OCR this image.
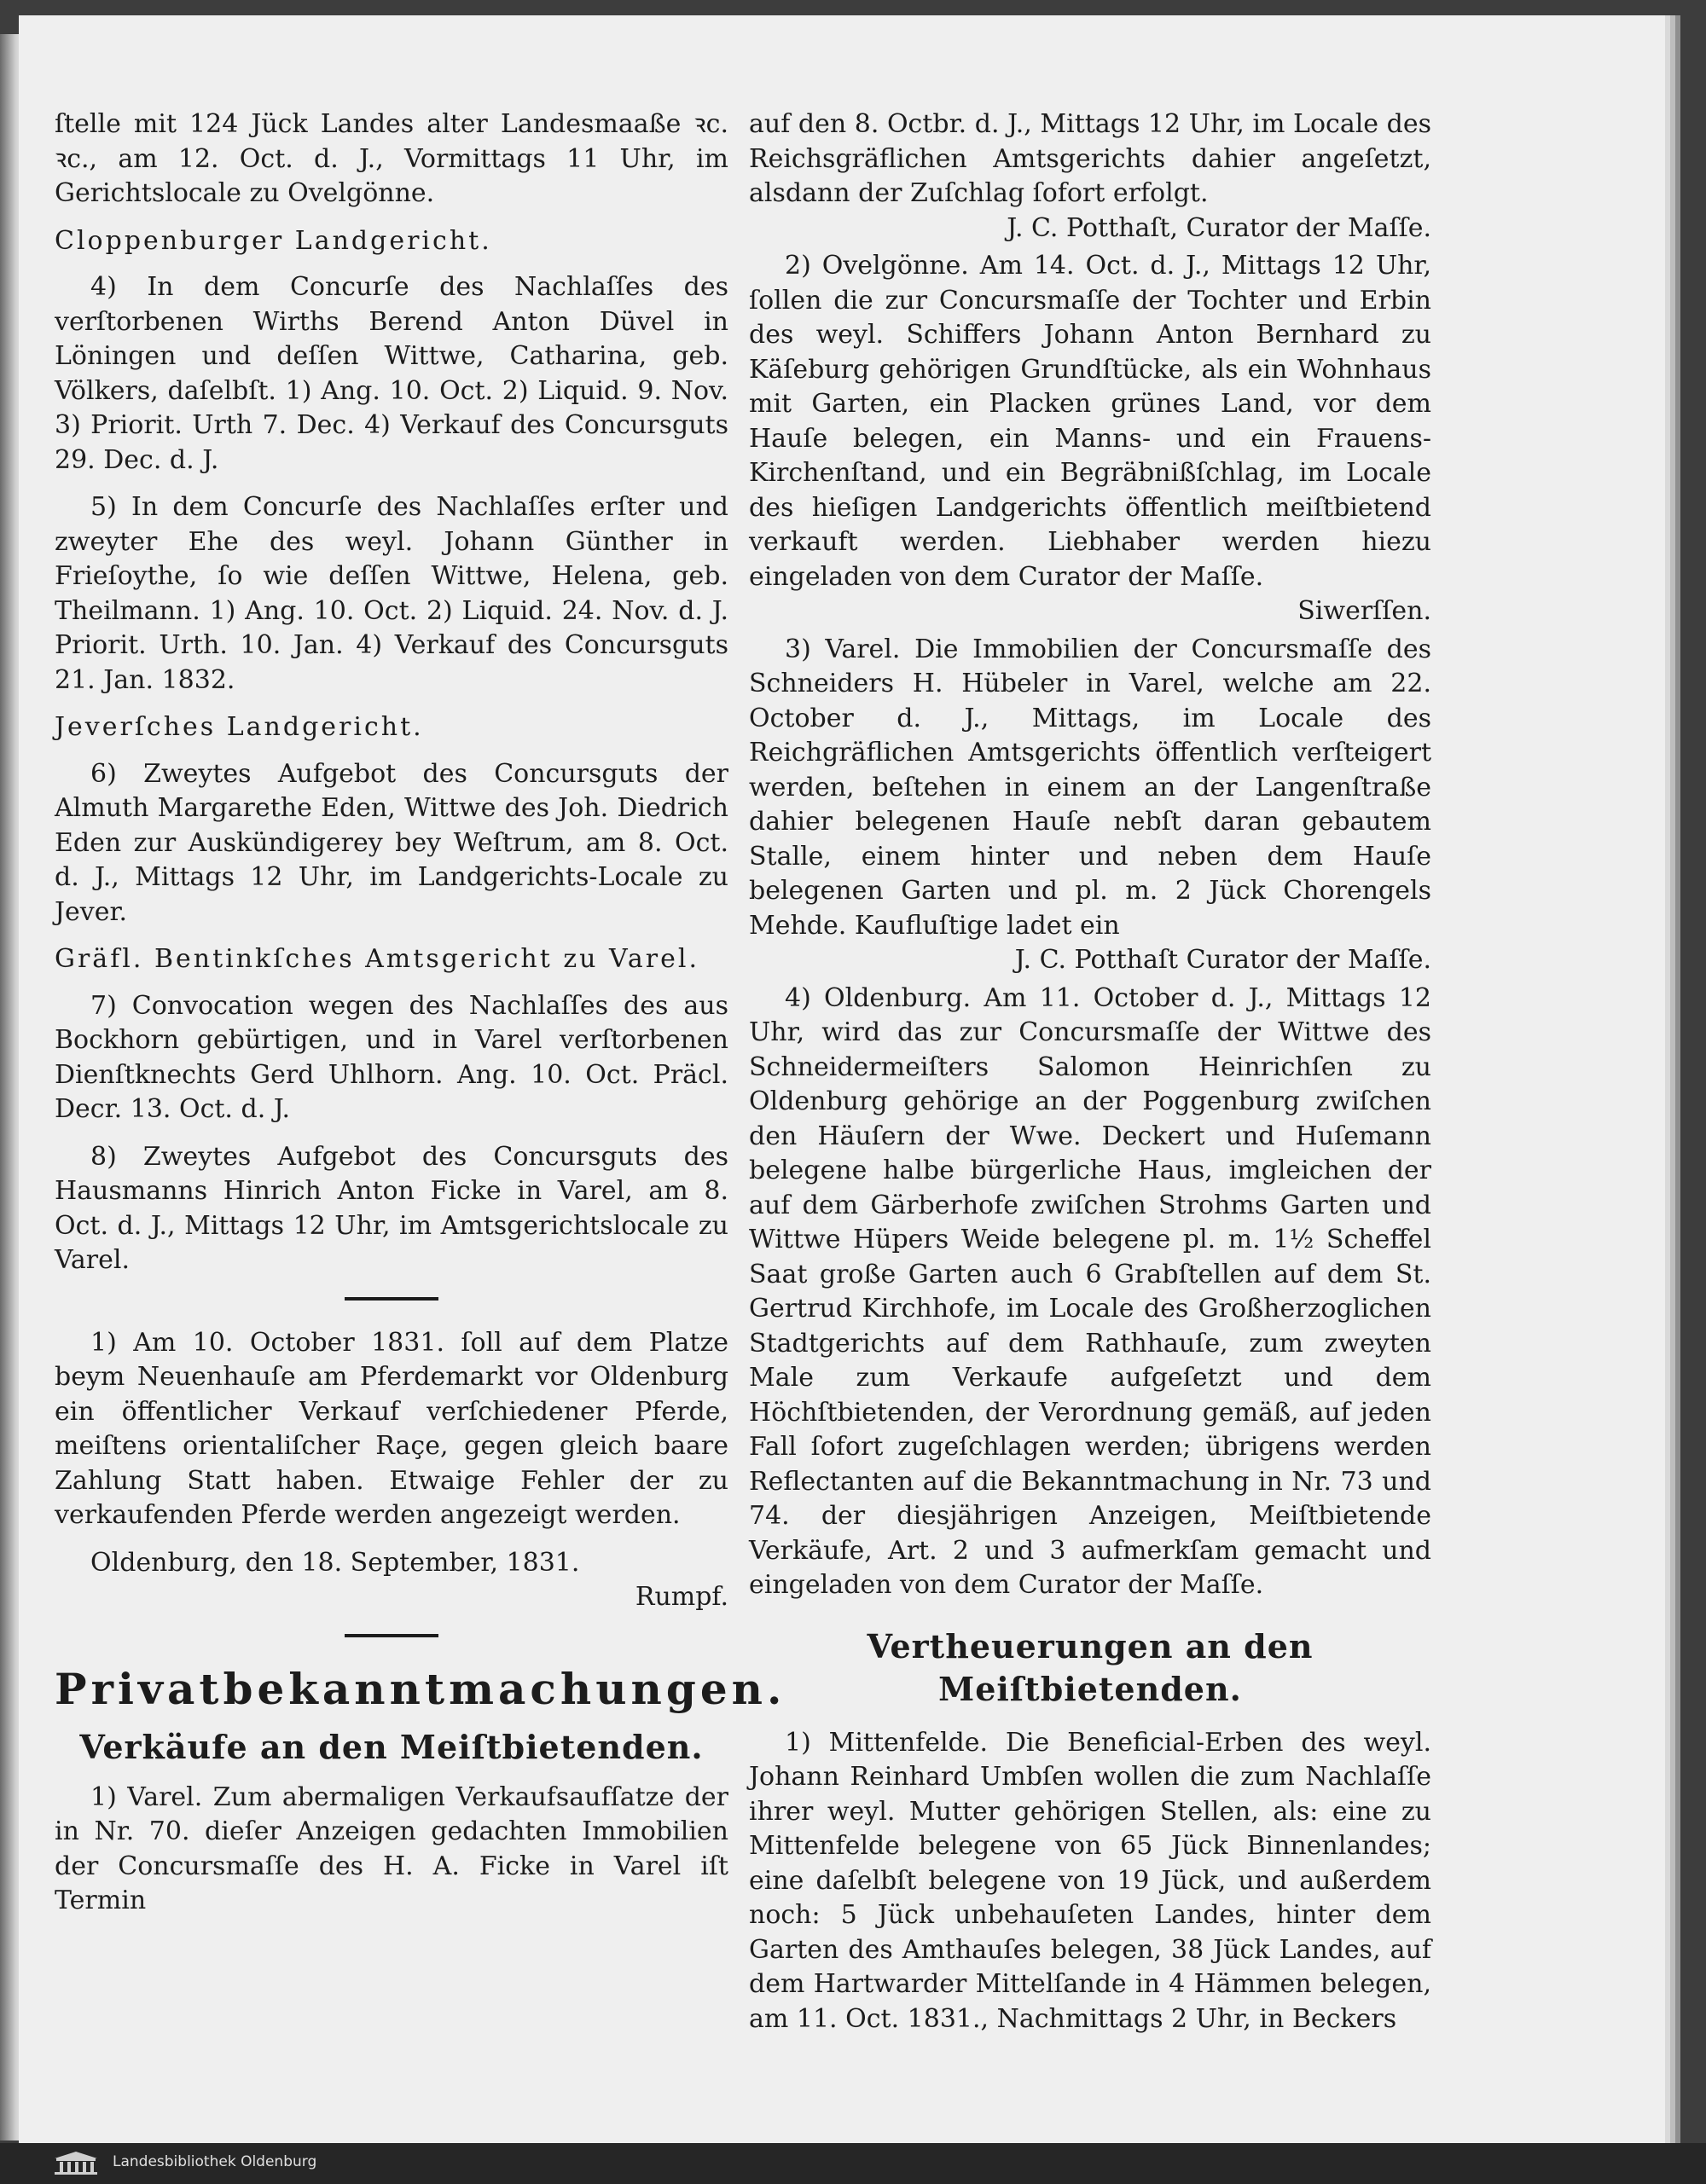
ſtelle mit 124 Jück Landes alter Landesmaaße ꝛc. ꝛc., am 12. Oct. d. J., Vormittags 11 Uhr, im Gerichtslocale zu Ovelgönne.

Cloppenburger Landgericht.

4) In dem Concurſe des Nachlaſſes des verſtorbenen Wirths Berend Anton Düvel in Löningen und deſſen Wittwe, Catharina, geb. Völkers, daſelbſt. 1) Ang. 10. Oct. 2) Liquid. 9. Nov. 3) Priorit. Urth 7. Dec. 4) Verkauf des Concursguts 29. Dec. d. J.

5) In dem Concurſe des Nachlaſſes erſter und zweyter Ehe des weyl. Johann Günther in Frieſoythe, ſo wie deſſen Wittwe, Helena, geb. Theilmann. 1) Ang. 10. Oct. 2) Liquid. 24. Nov. d. J. Priorit. Urth. 10. Jan. 4) Verkauf des Concursguts 21. Jan. 1832.

Jeverſches Landgericht.

6) Zweytes Aufgebot des Concursguts der Almuth Margarethe Eden, Wittwe des Joh. Diedrich Eden zur Auskündigerey bey Weſtrum, am 8. Oct. d. J., Mittags 12 Uhr, im Landgerichts-Locale zu Jever.

Gräfl. Bentinkſches Amtsgericht zu Varel.

7) Convocation wegen des Nachlaſſes des aus Bockhorn gebürtigen, und in Varel verſtorbenen Dienſtknechts Gerd Uhlhorn. Ang. 10. Oct. Präcl. Decr. 13. Oct. d. J.

8) Zweytes Aufgebot des Concursguts des Hausmanns Hinrich Anton Ficke in Varel, am 8. Oct. d. J., Mittags 12 Uhr, im Amtsgerichtslocale zu Varel.

1) Am 10. October 1831. ſoll auf dem Platze beym Neuenhauſe am Pferdemarkt vor Oldenburg ein öffentlicher Verkauf verſchiedener Pferde, meiſtens orientaliſcher Raçe, gegen gleich baare Zahlung Statt haben. Etwaige Fehler der zu verkaufenden Pferde werden angezeigt werden.

Oldenburg, den 18. September, 1831.

Rumpf.

Privatbekanntmachungen.
Verkäufe an den Meiſtbietenden.

1) Varel. Zum abermaligen Verkaufsaufſatze der in Nr. 70. dieſer Anzeigen gedachten Immobilien der Concursmaſſe des H. A. Ficke in Varel iſt Termin

auf den 8. Octbr. d. J., Mittags 12 Uhr, im Locale des Reichsgräflichen Amtsgerichts dahier angeſetzt, alsdann der Zuſchlag ſofort erfolgt.

J. C. Potthaſt, Curator der Maſſe.

2) Ovelgönne. Am 14. Oct. d. J., Mittags 12 Uhr, ſollen die zur Concursmaſſe der Tochter und Erbin des weyl. Schiffers Johann Anton Bernhard zu Käſeburg gehörigen Grundſtücke, als ein Wohnhaus mit Garten, ein Placken grünes Land, vor dem Hauſe belegen, ein Manns- und ein Frauens-Kirchenſtand, und ein Begräbnißſchlag, im Locale des hieſigen Landgerichts öffentlich meiſtbietend verkauft werden. Liebhaber werden hiezu eingeladen von dem Curator der Maſſe.

Siwerſſen.

3) Varel. Die Immobilien der Concursmaſſe des Schneiders H. Hübeler in Varel, welche am 22. October d. J., Mittags, im Locale des Reichgräflichen Amtsgerichts öffentlich verſteigert werden, beſtehen in einem an der Langenſtraße dahier belegenen Hauſe nebſt daran gebautem Stalle, einem hinter und neben dem Hauſe belegenen Garten und pl. m. 2 Jück Chorengels Mehde. Kaufluſtige ladet ein

J. C. Potthaſt Curator der Maſſe.

4) Oldenburg. Am 11. October d. J., Mittags 12 Uhr, wird das zur Concursmaſſe der Wittwe des Schneidermeiſters Salomon Heinrichſen zu Oldenburg gehörige an der Poggenburg zwiſchen den Häuſern der Wwe. Deckert und Huſemann belegene halbe bürgerliche Haus, imgleichen der auf dem Gärberhofe zwiſchen Strohms Garten und Wittwe Hüpers Weide belegene pl. m. 1½ Scheffel Saat große Garten auch 6 Grabſtellen auf dem St. Gertrud Kirchhofe, im Locale des Großherzoglichen Stadtgerichts auf dem Rathhauſe, zum zweyten Male zum Verkaufe aufgeſetzt und dem Höchſtbietenden, der Verordnung gemäß, auf jeden Fall ſofort zugeſchlagen werden; übrigens werden Reflectanten auf die Bekanntmachung in Nr. 73 und 74. der diesjährigen Anzeigen, Meiſtbietende Verkäufe, Art. 2 und 3 aufmerkſam gemacht und eingeladen von dem Curator der Maſſe.

Vertheuerungen an den Meiſtbietenden.

1) Mittenfelde. Die Beneficial-Erben des weyl. Johann Reinhard Umbſen wollen die zum Nachlaſſe ihrer weyl. Mutter gehörigen Stellen, als: eine zu Mittenfelde belegene von 65 Jück Binnenlandes; eine daſelbſt belegene von 19 Jück, und außerdem noch: 5 Jück unbehauſeten Landes, hinter dem Garten des Amthauſes belegen, 38 Jück Landes, auf dem Hartwarder Mittelſande in 4 Hämmen belegen, am 11. Oct. 1831., Nachmittags 2 Uhr, in Beckers

Landesbibliothek Oldenburg
